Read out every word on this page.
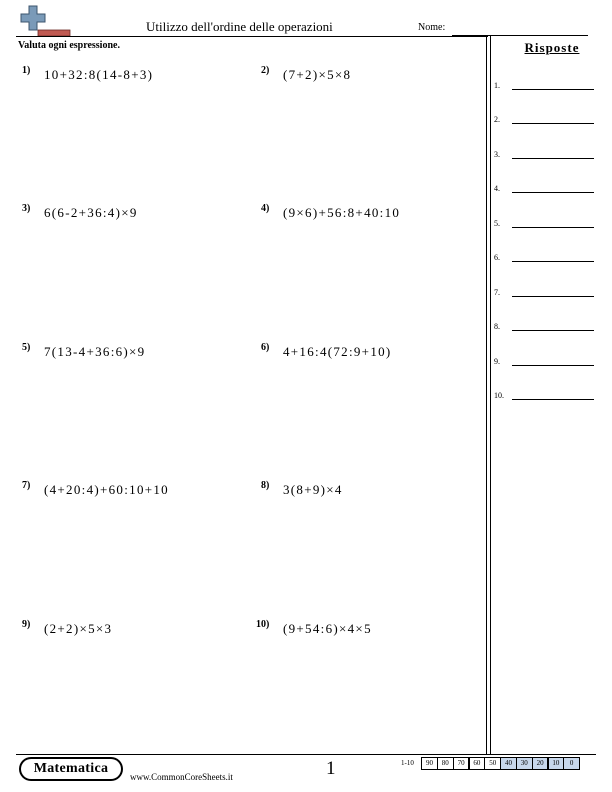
Utilizzo dell'ordine delle operazioni	Nome:
Valuta ogni espressione.
1) 10+32:8(14-8+3)	2) (7+2)×5×8
3) 6(6-2+36:4)×9	4) (9×6)+56:8+40:10
5) 7(13-4+36:6)×9	6) 4+16:4(72:9+10)
7) (4+20:4)+60:10+10	8) 3(8+9)×4
9) (2+2)×5×3	10) (9+54:6)×4×5
Risposte
1.
2.
3.
4.
5.
6.
7.
8.
9.
10.
Matematica
www.CommonCoreSheets.it	1	1-10	90	80	70	60	50	40	30	20	10	0
